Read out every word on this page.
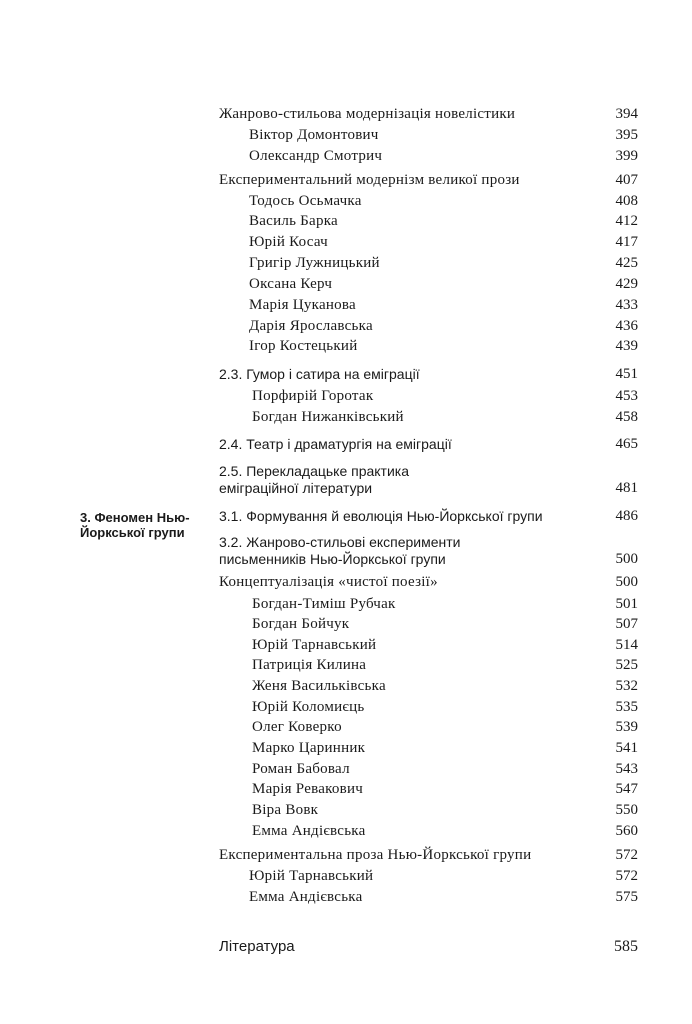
3. Феномен Нью-Йоркської групи
Жанрово-стильова модернізація новелістики	394
Віктор Домонтович	395
Олександр Смотрич	399
Експериментальний модернізм великої прози	407
Тодось Осьмачка	408
Василь Барка	412
Юрій Косач	417
Григір Лужницький	425
Оксана Керч	429
Марія Цуканова	433
Дарія Ярославська	436
Ігор Костецький	439
2.3. Гумор і сатира на еміграції	451
Порфирій Горотак	453
Богдан Нижанківський	458
2.4. Театр і драматургія на еміграції	465
2.5. Перекладацьке практика
еміграційної літератури	481
3.1. Формування й еволюція Нью-Йоркської групи	486
3.2. Жанрово-стильові експерименти
письменників Нью-Йоркської групи	500
Концептуалізація «чистої поезії»	500
Богдан-Тиміш Рубчак	501
Богдан Бойчук	507
Юрій Тарнавський	514
Патриція Килина	525
Женя Васильківська	532
Юрій Коломиєць	535
Олег Коверко	539
Марко Царинник	541
Роман Бабовал	543
Марія Ревакович	547
Віра Вовк	550
Емма Андієвська	560
Експериментальна проза Нью-Йоркської групи	572
Юрій Тарнавський	572
Емма Андієвська	575
Література	585
